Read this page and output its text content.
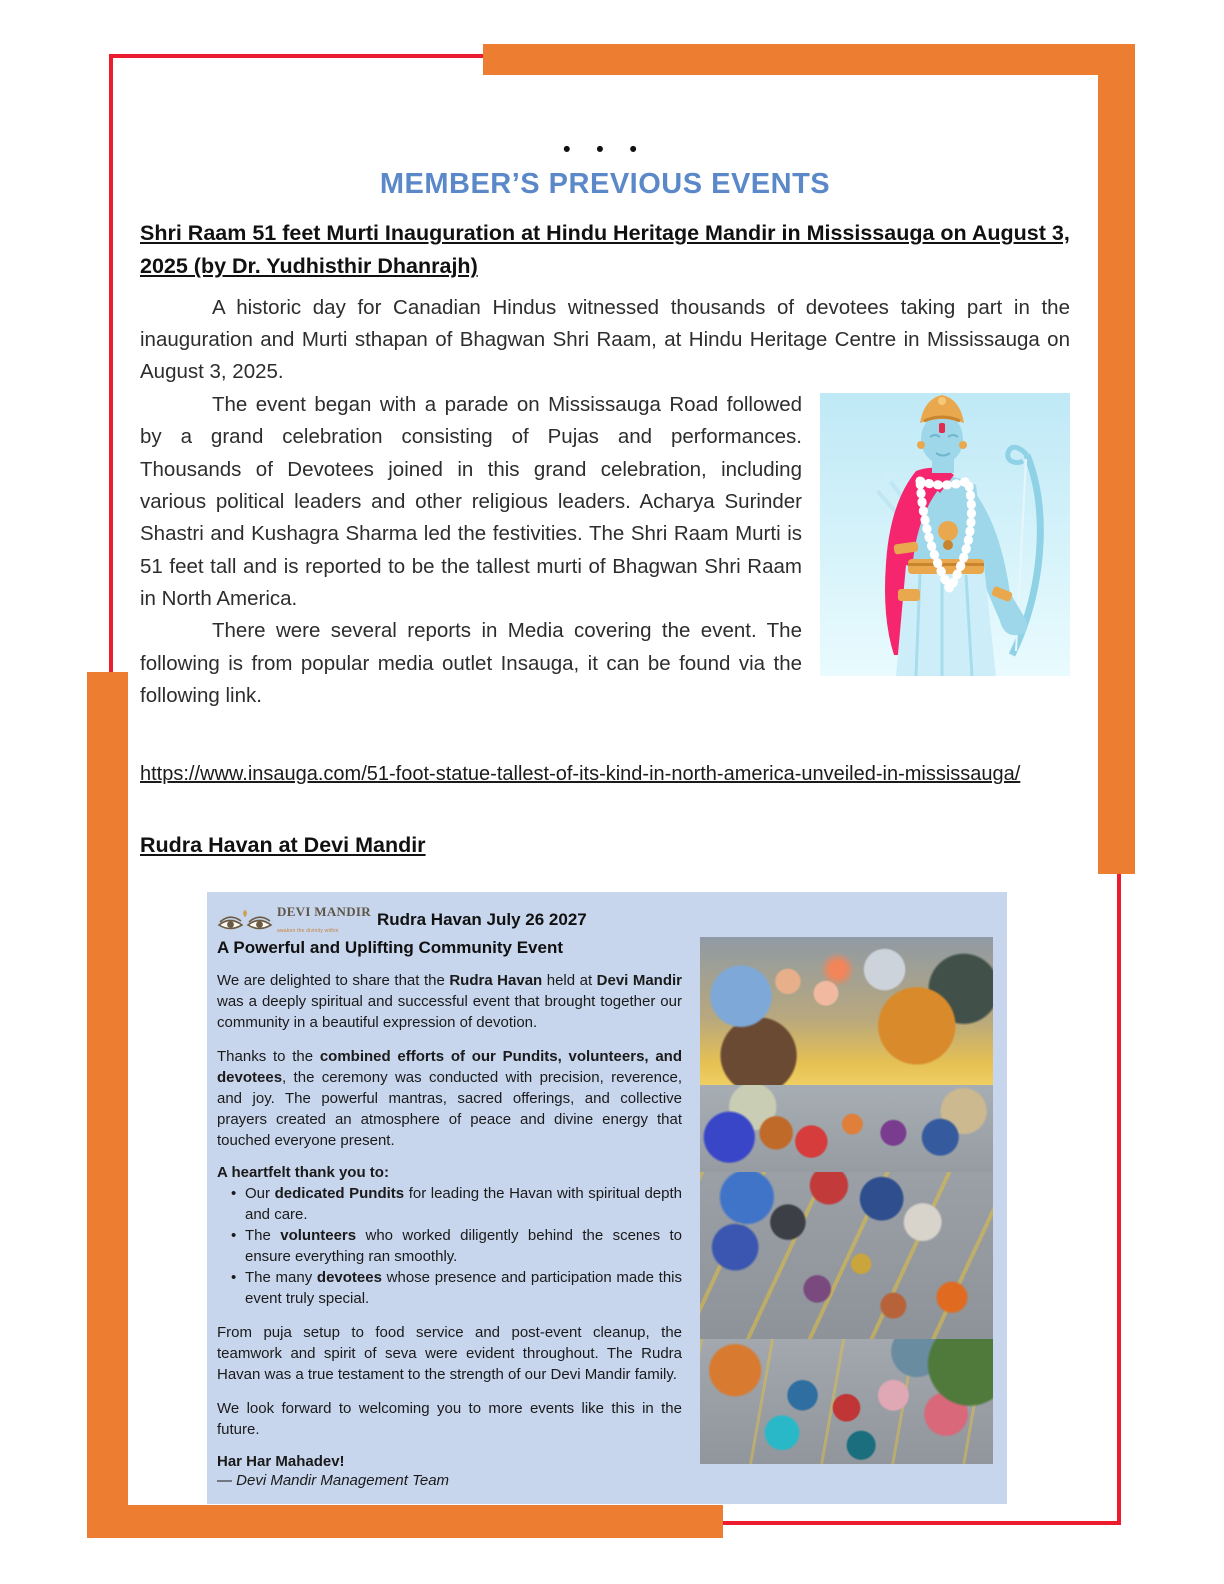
• • •
MEMBER’S PREVIOUS EVENTS
Shri Raam 51 feet Murti Inauguration at Hindu Heritage Mandir in Mississauga on August 3, 2025 (by Dr. Yudhisthir Dhanrajh)

A historic day for Canadian Hindus witnessed thousands of devotees taking part in the inauguration and Murti sthapan of Bhagwan Shri Raam, at Hindu Heritage Centre in Mississauga on August 3, 2025.

The event began with a parade on Mississauga Road followed by a grand celebration consisting of Pujas and performances. Thousands of Devotees joined in this grand celebration, including various political leaders and other religious leaders. Acharya Surinder Shastri and Kushagra Sharma led the festivities. The Shri Raam Murti is 51 feet tall and is reported to be the tallest murti of Bhagwan Shri Raam in North America.

There were several reports in Media covering the event. The following is from popular media outlet Insauga, it can be found via the following link.

https://www.insauga.com/51-foot-statue-tallest-of-its-kind-in-north-america-unveiled-in-mississauga/

Rudra Havan at Devi Mandir
DEVI MANDIR
awaken the divinity within
Rudra Havan July 26 2027
A Powerful and Uplifting Community Event

We are delighted to share that the Rudra Havan held at Devi Mandir was a deeply spiritual and successful event that brought together our community in a beautiful expression of devotion.

Thanks to the combined efforts of our Pundits, volunteers, and devotees, the ceremony was conducted with precision, reverence, and joy. The powerful mantras, sacred offerings, and collective prayers created an atmosphere of peace and divine energy that touched everyone present.

A heartfelt thank you to:
• Our dedicated Pundits for leading the Havan with spiritual depth and care.
• The volunteers who worked diligently behind the scenes to ensure everything ran smoothly.
• The many devotees whose presence and participation made this event truly special.

From puja setup to food service and post-event cleanup, the teamwork and spirit of seva were evident throughout. The Rudra Havan was a true testament to the strength of our Devi Mandir family.

We look forward to welcoming you to more events like this in the future.

Har Har Mahadev!
— Devi Mandir Management Team
